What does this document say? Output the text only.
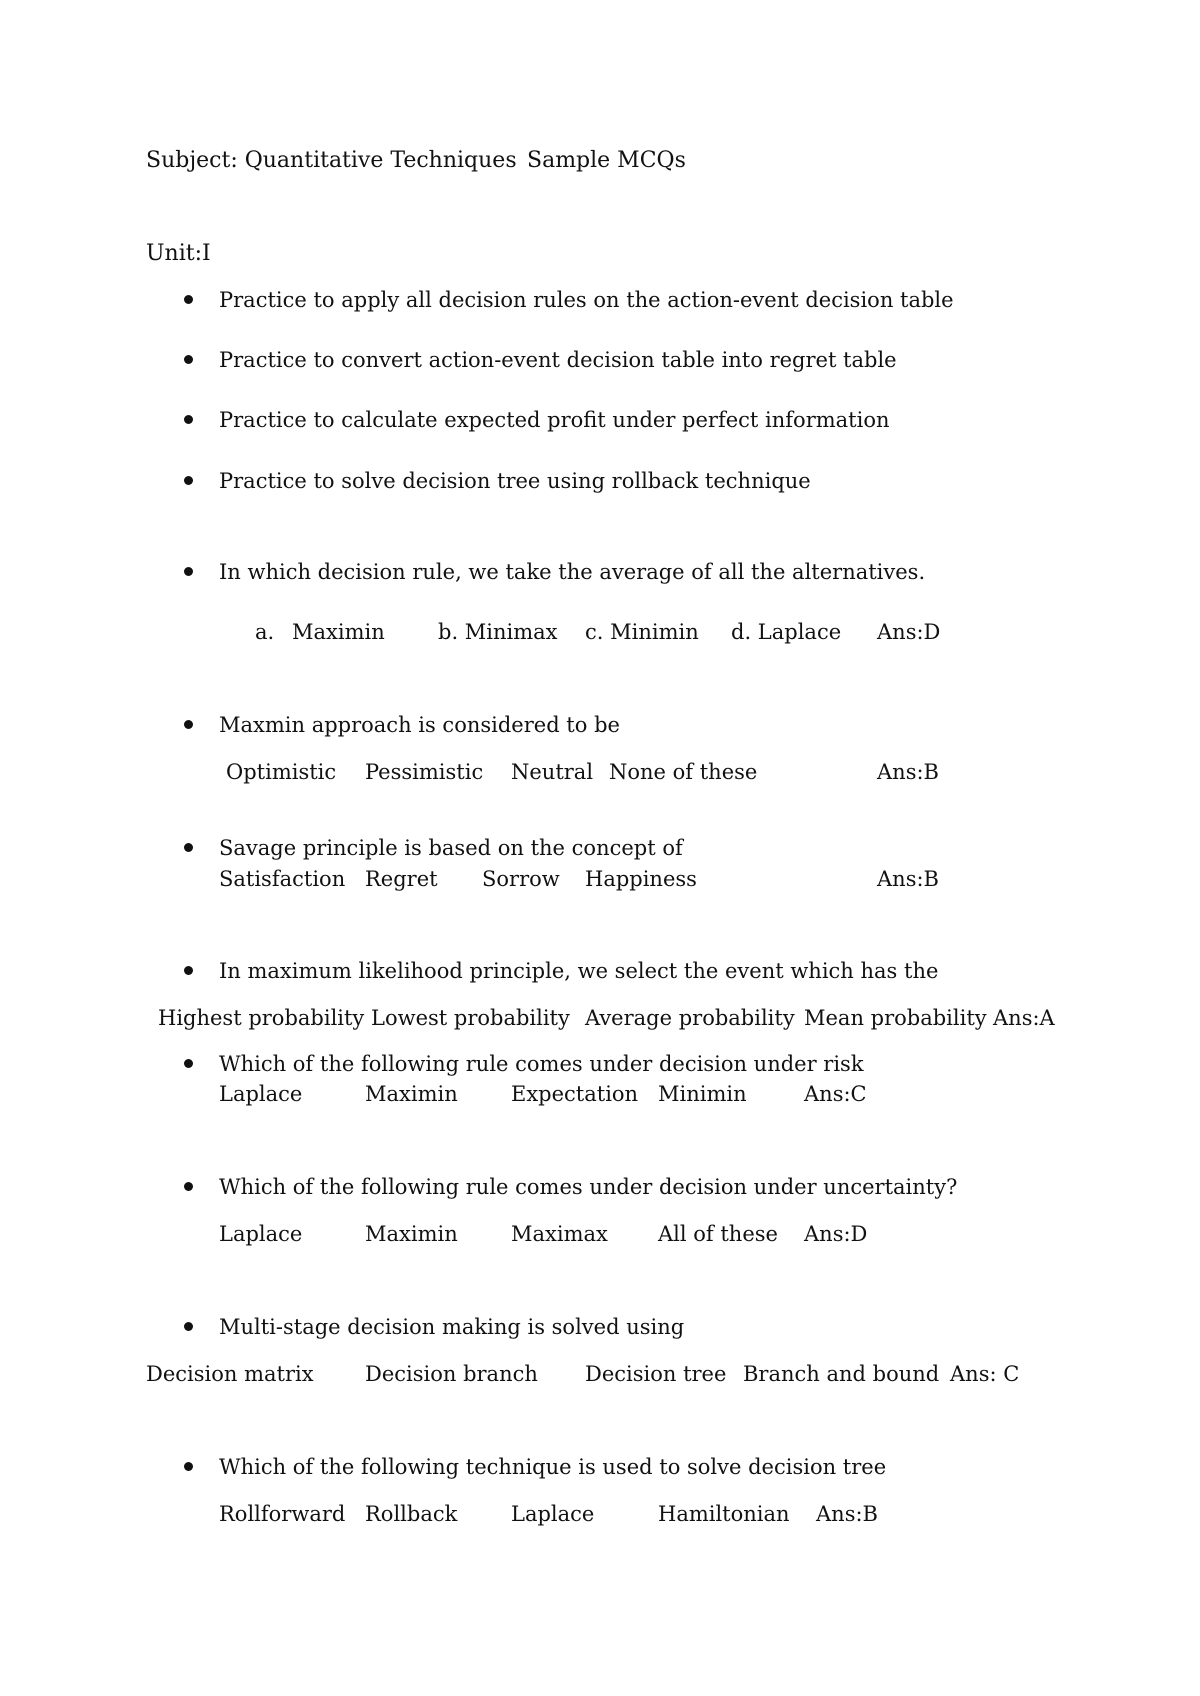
Subject: Quantitative Techniques Sample MCQs
Unit:I
Practice to apply all decision rules on the action-event decision table
Practice to convert action-event decision table into regret table
Practice to calculate expected profit under perfect information
Practice to solve decision tree using rollback technique
In which decision rule, we take the average of all the alternatives.
a. Maximin	b. Minimax c. Minimin d. Laplace Ans:D
Maxmin approach is considered to be
Optimistic Pessimistic Neutral None of these	Ans:B
Savage principle is based on the concept of
Satisfaction Regret Sorrow Happiness	Ans:B
In maximum likelihood principle, we select the event which has the
Highest probability Lowest probability Average probability Mean probability Ans:A
Which of the following rule comes under decision under risk
Laplace	Maximin	Expectation Minimin	Ans:C
Which of the following rule comes under decision under uncertainty?
Laplace	Maximin	Maximax All of these Ans:D
Multi-stage decision making is solved using
Decision matrix Decision branch Decision tree Branch and bound Ans: C
Which of the following technique is used to solve decision tree
Rollforward Rollback	Laplace	Hamiltonian Ans:B
